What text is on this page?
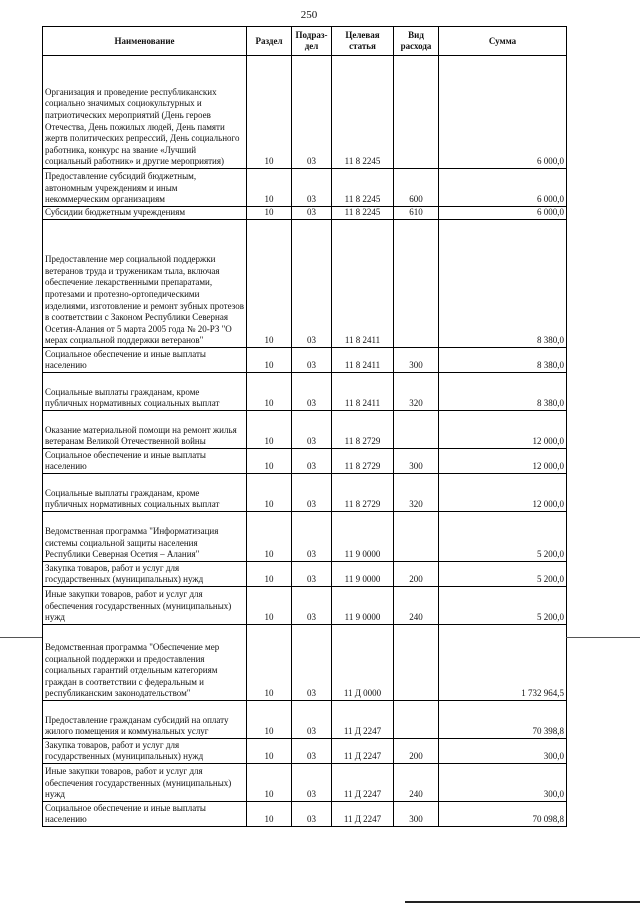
250
Наименование	Раздел	Подраз-дел	Целевая статья	Вид расхода	Сумма
Организация и проведение республиканских социально значимых социокультурных и патриотических мероприятий (День героев Отечества, День пожилых людей, День памяти жертв политических репрессий, День социального работника, конкурс на звание «Лучший социальный работник» и другие мероприятия)	10	03	11 8 2245		6 000,0
Предоставление субсидий бюджетным, автономным учреждениям и иным некоммерческим организациям	10	03	11 8 2245	600	6 000,0
Субсидии бюджетным учреждениям	10	03	11 8 2245	610	6 000,0
Предоставление мер социальной поддержки ветеранов труда и труженикам тыла, включая обеспечение лекарственными препаратами, протезами и протезно-ортопедическими изделиями, изготовление и ремонт зубных протезов в соответствии с Законом Республики Северная Осетия-Алания от 5 марта 2005 года № 20-РЗ "О мерах социальной поддержки ветеранов"	10	03	11 8 2411		8 380,0
Социальное обеспечение и иные выплаты населению	10	03	11 8 2411	300	8 380,0
Социальные выплаты гражданам, кроме публичных нормативных социальных выплат	10	03	11 8 2411	320	8 380,0
Оказание материальной помощи на ремонт жилья ветеранам Великой Отечественной войны	10	03	11 8 2729		12 000,0
Социальное обеспечение и иные выплаты населению	10	03	11 8 2729	300	12 000,0
Социальные выплаты гражданам, кроме публичных нормативных социальных выплат	10	03	11 8 2729	320	12 000,0
Ведомственная программа "Информатизация системы социальной защиты населения Республики Северная Осетия – Алания"	10	03	11 9 0000		5 200,0
Закупка товаров, работ и услуг для государственных (муниципальных) нужд	10	03	11 9 0000	200	5 200,0
Иные закупки товаров, работ и услуг для обеспечения государственных (муниципальных) нужд	10	03	11 9 0000	240	5 200,0
Ведомственная программа "Обеспечение мер социальной поддержки и предоставления социальных гарантий отдельным категориям граждан в соответствии с федеральным и республиканским законодательством"	10	03	11 Д 0000		1 732 964,5
Предоставление гражданам субсидий на оплату жилого помещения и коммунальных услуг	10	03	11 Д 2247		70 398,8
Закупка товаров, работ и услуг для государственных (муниципальных) нужд	10	03	11 Д 2247	200	300,0
Иные закупки товаров, работ и услуг для обеспечения государственных (муниципальных) нужд	10	03	11 Д 2247	240	300,0
Социальное обеспечение и иные выплаты населению	10	03	11 Д 2247	300	70 098,8
